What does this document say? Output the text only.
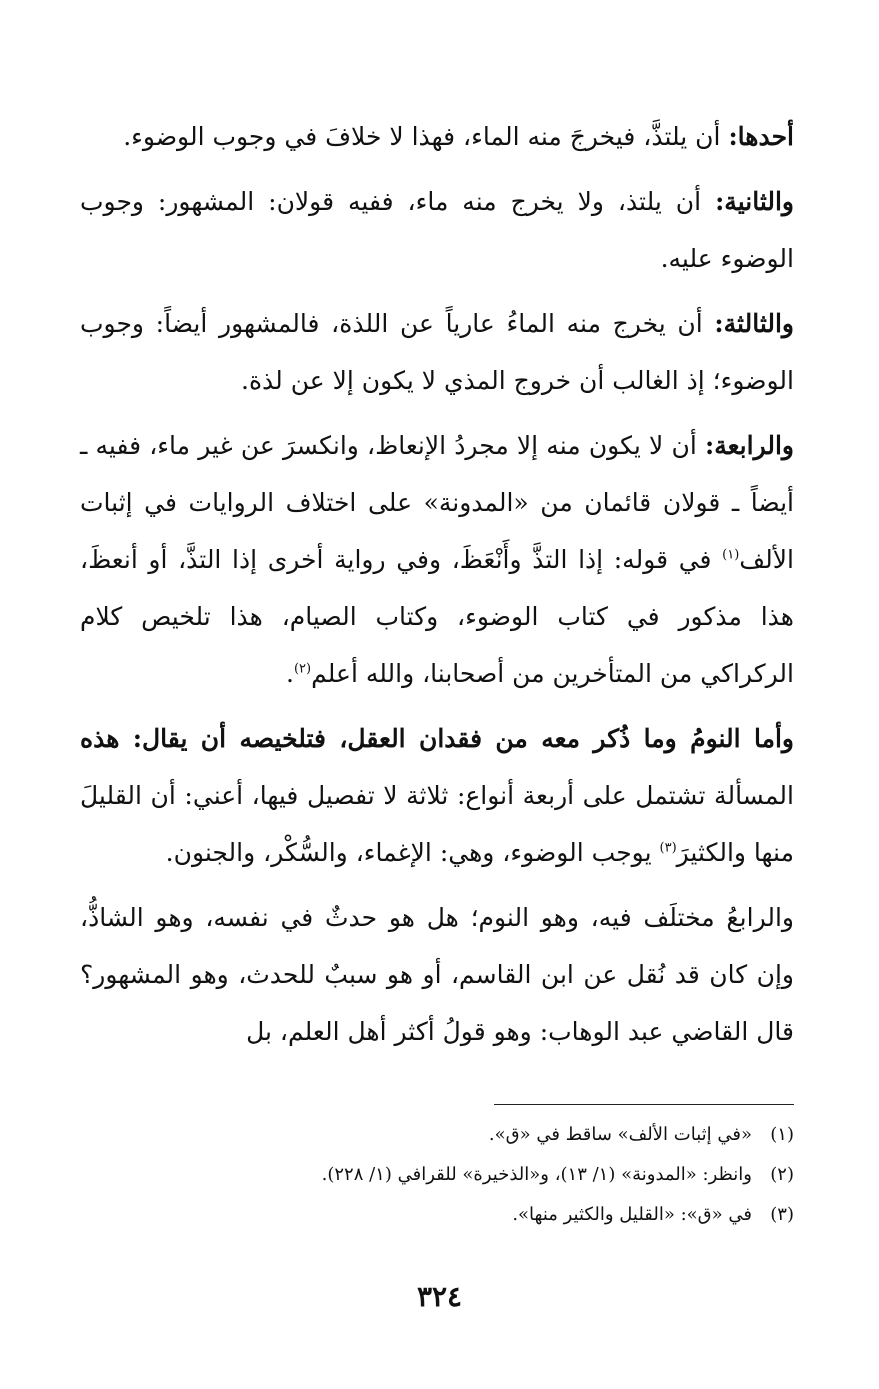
أحدها: أن يلتذَّ، فيخرجَ منه الماء، فهذا لا خلافَ في وجوب الوضوء.

والثانية: أن يلتذ، ولا يخرج منه ماء، ففيه قولان: المشهور: وجوب الوضوء عليه.

والثالثة: أن يخرج منه الماءُ عارياً عن اللذة، فالمشهور أيضاً: وجوب الوضوء؛ إذ الغالب أن خروج المذي لا يكون إلا عن لذة.

والرابعة: أن لا يكون منه إلا مجردُ الإنعاظ، وانكسرَ عن غير ماء، ففيه ـ أيضاً ـ قولان قائمان من «المدونة» على اختلاف الروايات في إثبات الألف$^{(١)}$ في قوله: إذا التذَّ وأَنْعَظَ، وفي رواية أخرى إذا التذَّ، أو أنعظَ، هذا مذكور في كتاب الوضوء، وكتاب الصيام، هذا تلخيص كلام الركراكي من المتأخرين من أصحابنا، والله أعلم$^{(٢)}$.

وأما النومُ وما ذُكر معه من فقدان العقل، فتلخيصه أن يقال: هذه المسألة تشتمل على أربعة أنواع: ثلاثة لا تفصيل فيها، أعني: أن القليلَ منها والكثيرَ$^{(٣)}$ يوجب الوضوء، وهي: الإغماء، والسُّكْر، والجنون.

والرابعُ مختلَف فيه، وهو النوم؛ هل هو حدثٌ في نفسه، وهو الشاذُّ، وإن كان قد نُقل عن ابن القاسم، أو هو سببٌ للحدث، وهو المشهور؟ قال القاضي عبد الوهاب: وهو قولُ أكثر أهل العلم، بل

(١)«في إثبات الألف» ساقط في «ق».

(٢)وانظر: «المدونة» (١/ ١٣)، و«الذخيرة» للقرافي (١/ ٢٢٨).

(٣)في «ق»: «القليل والكثير منها».

٣٢٤
